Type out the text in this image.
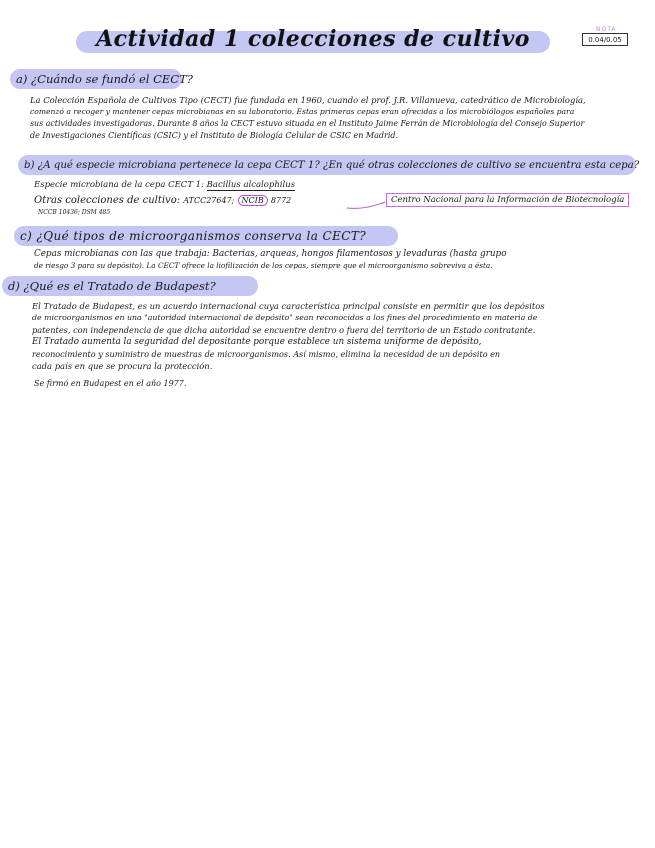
Actividad 1 colecciones de cultivo	NOTA
0.04/0.05
a) ¿Cuándo se fundó el CECT?
La Colección Española de Cultivos Tipo (CECT) fue fundada en 1960, cuando el prof. J.R. Villanueva, catedrático de Microbiología,
comenzó a recoger y mantener cepas microbianas en su laboratorio. Estas primeras cepas eran ofrecidas a los microbiólogos españoles para
sus actividades investigadoras. Durante 8 años la CECT estuvo situada en el Instituto Jaime Ferrán de Microbiología del Consejo Superior
de Investigaciones Científicas (CSIC) y el Instituto de Biología Celular de CSIC en Madrid.
b) ¿A qué especie microbiana pertenece la cepa CECT 1? ¿En qué otras colecciones de cultivo se encuentra esta cepa?
Especie microbiana de la cepa CECT 1: Bacillus alcalophilus
Otras colecciones de cultivo: ATCC27647; NCIB 8772	Centro Nacional para la Información de Biotecnología
NCCB 10436; DSM 485
c) ¿Qué tipos de microorganismos conserva la CECT?
Cepas microbianas con las que trabaja: Bacterias, arqueas, hongos filamentosos y levaduras (hasta grupo
de riesgo 3 para su depósito). La CECT ofrece la liofilización de los cepas, siempre que el microorganismo sobreviva a ésta.
d) ¿Qué es el Tratado de Budapest?
El Tratado de Budapest, es un acuerdo internacional cuya característica principal consiste en permitir que los depósitos
de microorganismos en una "autoridad internacional de depósito" sean reconocidos a los fines del procedimiento en materia de
patentes, con independencia de que dicha autoridad se encuentre dentro o fuera del territorio de un Estado contratante.
El Tratado aumenta la seguridad del depositante porque establece un sistema uniforme de depósito,
reconocimiento y suministro de muestras de microorganismos. Así mismo, elimina la necesidad de un depósito en
cada país en que se procura la protección.
Se firmó en Budapest en el año 1977.
